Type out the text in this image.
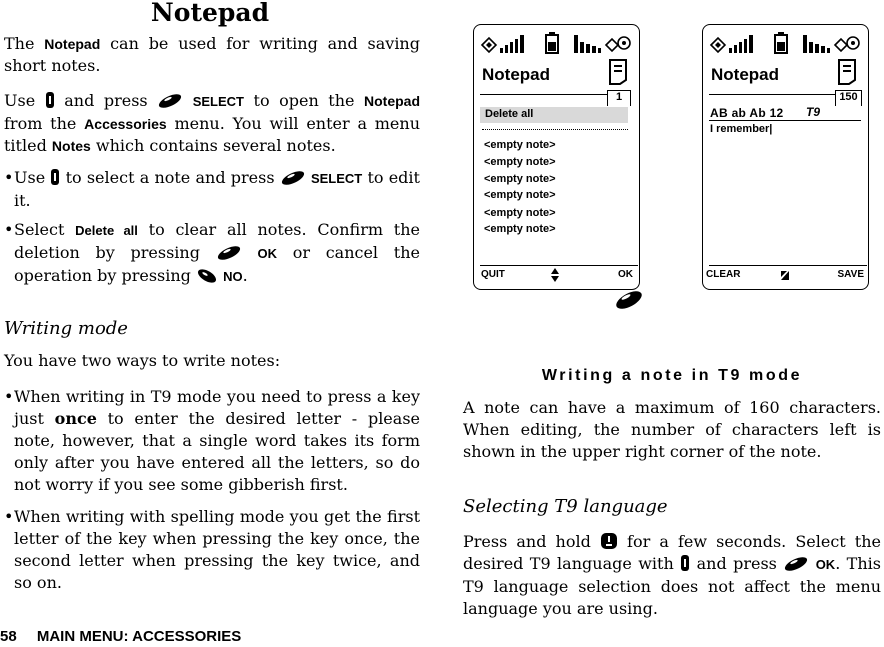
Notepad
The Notepad can be used for writing and saving short notes.
Use and press	SELECT to open the Notepad from the Accessories menu. You will enter a menu titled Notes which contains several notes.
• Use to select a note and press	SELECT to edit it.
• Select Delete all to clear all notes. Confirm the deletion by pressing	OK or cancel the operation by pressing NO.
Writing mode
You have two ways to write notes:
• When writing in T9 mode you need to press a key just once to enter the desired letter - please note, however, that a single word takes its form only after you have entered all the letters, so do not worry if you see some gibberish first.
• When writing with spelling mode you get the first letter of the key when pressing the key once, the second letter when pressing the key twice, and so on.
58 MAIN MENU: ACCESSORIES
Notepad
1
Delete all
<empty note>
<empty note>
<empty note>
<empty note>
<empty note>
<empty note>
QUIT	OK
Notepad
150
AB ab Ab 12 T9
I remember|
CLEAR	SAVE
Writing a note in T9 mode
A note can have a maximum of 160 characters. When editing, the number of characters left is shown in the upper right corner of the note.
Selecting T9 language
Press and hold for a few seconds. Select the desired T9 language with and press	OK. This T9 language selection does not affect the menu language you are using.
